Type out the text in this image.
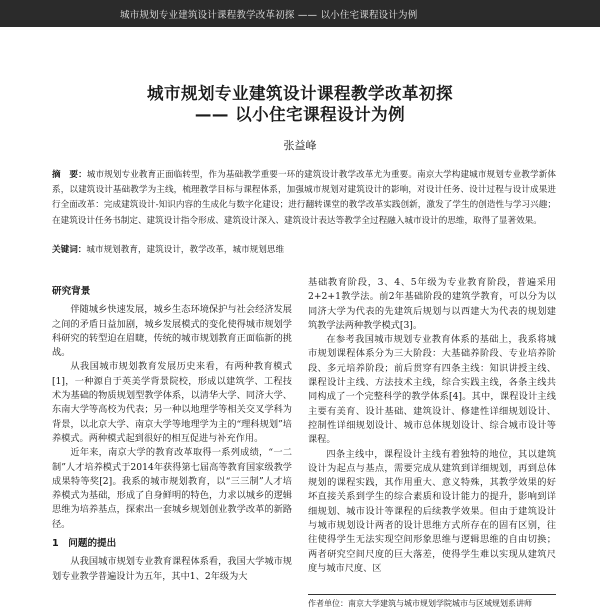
城市规划专业建筑设计课程教学改革初探 —— 以小住宅课程设计为例
城市规划专业建筑设计课程教学改革初探
—— 以小住宅课程设计为例
张益峰
摘　要：城市规划专业教育正面临转型，作为基础教学重要一环的建筑设计教学改革尤为重要。南京大学构建城市规划专业教学新体系，以建筑设计基础教学为主线，梳理教学目标与课程体系，加强城市规划对建筑设计的影响，对设计任务、设计过程与设计成果进行全面改革：完成建筑设计-知识内容的生成化与数字化建设；进行翻转课堂的教学改革实践创新，激发了学生的创造性与学习兴趣；在建筑设计任务书制定、建筑设计指令形成、建筑设计深入、建筑设计表达等教学全过程融入城市设计的思维，取得了显著效果。
关键词：城市规划教育，建筑设计，教学改革，城市规划思维
研究背景

伴随城乡快速发展，城乡生态环境保护与社会经济发展之间的矛盾日益加剧，城乡发展模式的变化使得城市规划学科研究的转型迫在眉睫，传统的城市规划教育正面临新的挑战。

从我国城市规划教育发展历史来看，有两种教育模式[1]，一种源自于英美学背景院校，形成以建筑学、工程技术为基础的物质规划型教学体系，以清华大学、同济大学、东南大学等高校为代表；另一种以地理学等相关交叉学科为背景，以北京大学、南京大学等地理学为主的“理科规划”培养模式。两种模式起到很好的相互促进与补充作用。

近年来，南京大学的教育改革取得一系列成绩，“一二制”人才培养模式于2014年获得第七届高等教育国家级教学成果特等奖[2]。我系的城市规划教育，以“三三制”人才培养模式为基础，形成了自身鲜明的特色，力求以城乡的逻辑思维为培养基点，探索出一套城乡规划创业教学改革的新路径。

1　问题的提出

从我国城市规划专业教育课程体系看，我国大学城市规划专业教学普遍设计为五年，其中1、2年级为大

基础教育阶段，3、4、5年级为专业教育阶段，普遍采用2+2+1教学法。前2年基础阶段的建筑学教育，可以分为以同济大学为代表的先建筑后规划与以西建大为代表的规划建筑教学法两种教学模式[3]。

在参考我国城市规划专业教育体系的基础上，我系将城市规划课程体系分为三大阶段：大基础养阶段、专业培养阶段、多元培养阶段；前后贯穿有四条主线：知识讲授主线、课程设计主线、方法技术主线，综合实践主线，各条主线共同构成了一个完整科学的教学体系[4]。其中，课程设计主线主要有美育、设计基础、建筑设计、修建性详细规划设计、控制性详细规划设计、城市总体规划设计、综合城市设计等课程。

四条主线中，课程设计主线有着独特的地位，其以建筑设计为起点与基点，需要完成从建筑到详细规划，再到总体规划的课程实践，其作用重大、意义特殊，其教学效果的好坏直接关系到学生的综合素质和设计能力的提升，影响到详细规划、城市设计等课程的后续教学效果。但由于建筑设计与城市规划设计两者的设计思维方式所存在的固有区别，往往使得学生无法实现空间形象思维与逻辑思维的自由切换；两者研究空间尺度的巨大落差，使得学生难以实现从建筑尺度与城市尺度、区

作者单位：南京大学建筑与城市规划学院城市与区域规划系讲师
